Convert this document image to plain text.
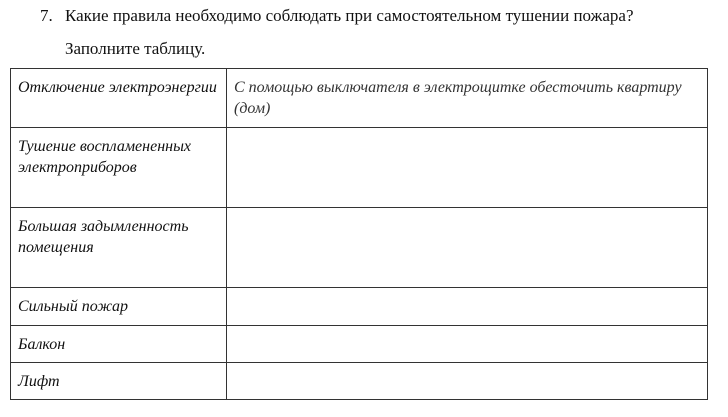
7. Какие правила необходимо соблюдать при самостоятельном тушении пожара?
Заполните таблицу.
Отключение электроэнергии	С помощью выключателя в электрощитке обесточить квартиру (дом)
Тушение воспламененных электроприборов	
Большая задымленность помещения	
Сильный пожар	
Балкон	
Лифт	
